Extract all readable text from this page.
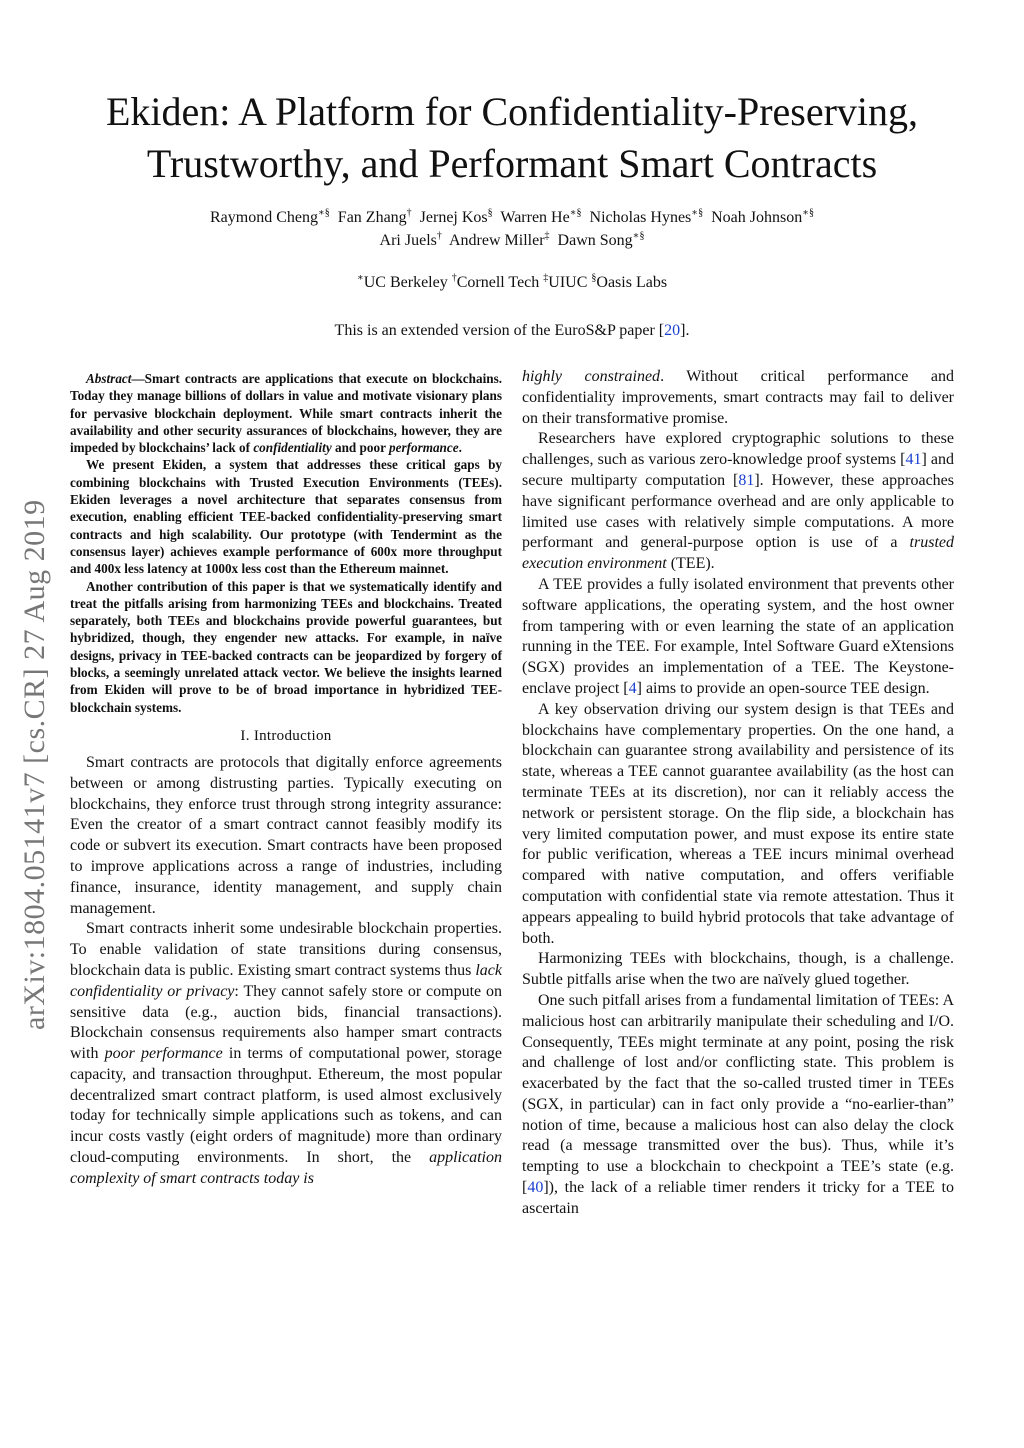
arXiv:1804.05141v7 [cs.CR] 27 Aug 2019
Ekiden: A Platform for Confidentiality-Preserving,
Trustworthy, and Performant Smart Contracts
Raymond Cheng∗§ Fan Zhang† Jernej Kos§ Warren He∗§ Nicholas Hynes∗§ Noah Johnson∗§
Ari Juels† Andrew Miller‡ Dawn Song∗§
∗UC Berkeley †Cornell Tech ‡UIUC §Oasis Labs
This is an extended version of the EuroS&P paper [20].

Abstract—Smart contracts are applications that execute on blockchains. Today they manage billions of dollars in value and motivate visionary plans for pervasive blockchain deployment. While smart contracts inherit the availability and other security assurances of blockchains, however, they are impeded by blockchains’ lack of confidentiality and poor performance.

We present Ekiden, a system that addresses these critical gaps by combining blockchains with Trusted Execution Environments (TEEs). Ekiden leverages a novel architecture that separates consensus from execution, enabling efficient TEE-backed confidentiality-preserving smart contracts and high scalability. Our prototype (with Tendermint as the consensus layer) achieves example performance of 600x more throughput and 400x less latency at 1000x less cost than the Ethereum mainnet.

Another contribution of this paper is that we systematically identify and treat the pitfalls arising from harmonizing TEEs and blockchains. Treated separately, both TEEs and blockchains provide powerful guarantees, but hybridized, though, they engender new attacks. For example, in naïve designs, privacy in TEE-backed contracts can be jeopardized by forgery of blocks, a seemingly unrelated attack vector. We believe the insights learned from Ekiden will prove to be of broad importance in hybridized TEE-blockchain systems.

I. Introduction

Smart contracts are protocols that digitally enforce agreements between or among distrusting parties. Typically executing on blockchains, they enforce trust through strong integrity assurance: Even the creator of a smart contract cannot feasibly modify its code or subvert its execution. Smart contracts have been proposed to improve applications across a range of industries, including finance, insurance, identity management, and supply chain management.

Smart contracts inherit some undesirable blockchain properties. To enable validation of state transitions during consensus, blockchain data is public. Existing smart contract systems thus lack confidentiality or privacy: They cannot safely store or compute on sensitive data (e.g., auction bids, financial transactions). Blockchain consensus requirements also hamper smart contracts with poor performance in terms of computational power, storage capacity, and transaction throughput. Ethereum, the most popular decentralized smart contract platform, is used almost exclusively today for technically simple applications such as tokens, and can incur costs vastly (eight orders of magnitude) more than ordinary cloud-computing environments. In short, the application complexity of smart contracts today is

highly constrained. Without critical performance and confidentiality improvements, smart contracts may fail to deliver on their transformative promise.

Researchers have explored cryptographic solutions to these challenges, such as various zero-knowledge proof systems [41] and secure multiparty computation [81]. However, these approaches have significant performance overhead and are only applicable to limited use cases with relatively simple computations. A more performant and general-purpose option is use of a trusted execution environment (TEE).

A TEE provides a fully isolated environment that prevents other software applications, the operating system, and the host owner from tampering with or even learning the state of an application running in the TEE. For example, Intel Software Guard eXtensions (SGX) provides an implementation of a TEE. The Keystone-enclave project [4] aims to provide an open-source TEE design.

A key observation driving our system design is that TEEs and blockchains have complementary properties. On the one hand, a blockchain can guarantee strong availability and persistence of its state, whereas a TEE cannot guarantee availability (as the host can terminate TEEs at its discretion), nor can it reliably access the network or persistent storage. On the flip side, a blockchain has very limited computation power, and must expose its entire state for public verification, whereas a TEE incurs minimal overhead compared with native computation, and offers verifiable computation with confidential state via remote attestation. Thus it appears appealing to build hybrid protocols that take advantage of both.

Harmonizing TEEs with blockchains, though, is a challenge. Subtle pitfalls arise when the two are naïvely glued together.

One such pitfall arises from a fundamental limitation of TEEs: A malicious host can arbitrarily manipulate their scheduling and I/O. Consequently, TEEs might terminate at any point, posing the risk and challenge of lost and/or conflicting state. This problem is exacerbated by the fact that the so-called trusted timer in TEEs (SGX, in particular) can in fact only provide a “no-earlier-than” notion of time, because a malicious host can also delay the clock read (a message transmitted over the bus). Thus, while it’s tempting to use a blockchain to checkpoint a TEE’s state (e.g. [40]), the lack of a reliable timer renders it tricky for a TEE to ascertain
